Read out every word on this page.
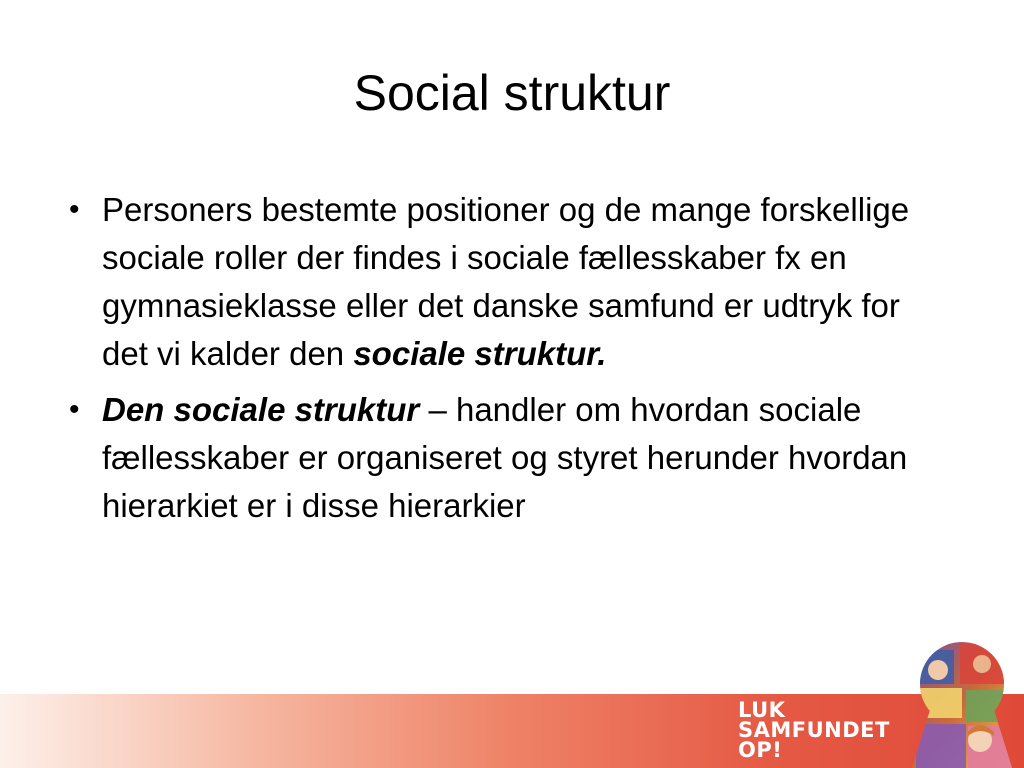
Social struktur
• Personers bestemte positioner og de mange forskellige sociale roller der findes i sociale fællesskaber fx en gymnasieklasse eller det danske samfund er udtryk for det vi kalder den sociale struktur.
• Den sociale struktur – handler om hvordan sociale fællesskaber er organiseret og styret herunder hvordan hierarkiet er i disse hierarkier
LUK
SAMFUNDET
OP!
